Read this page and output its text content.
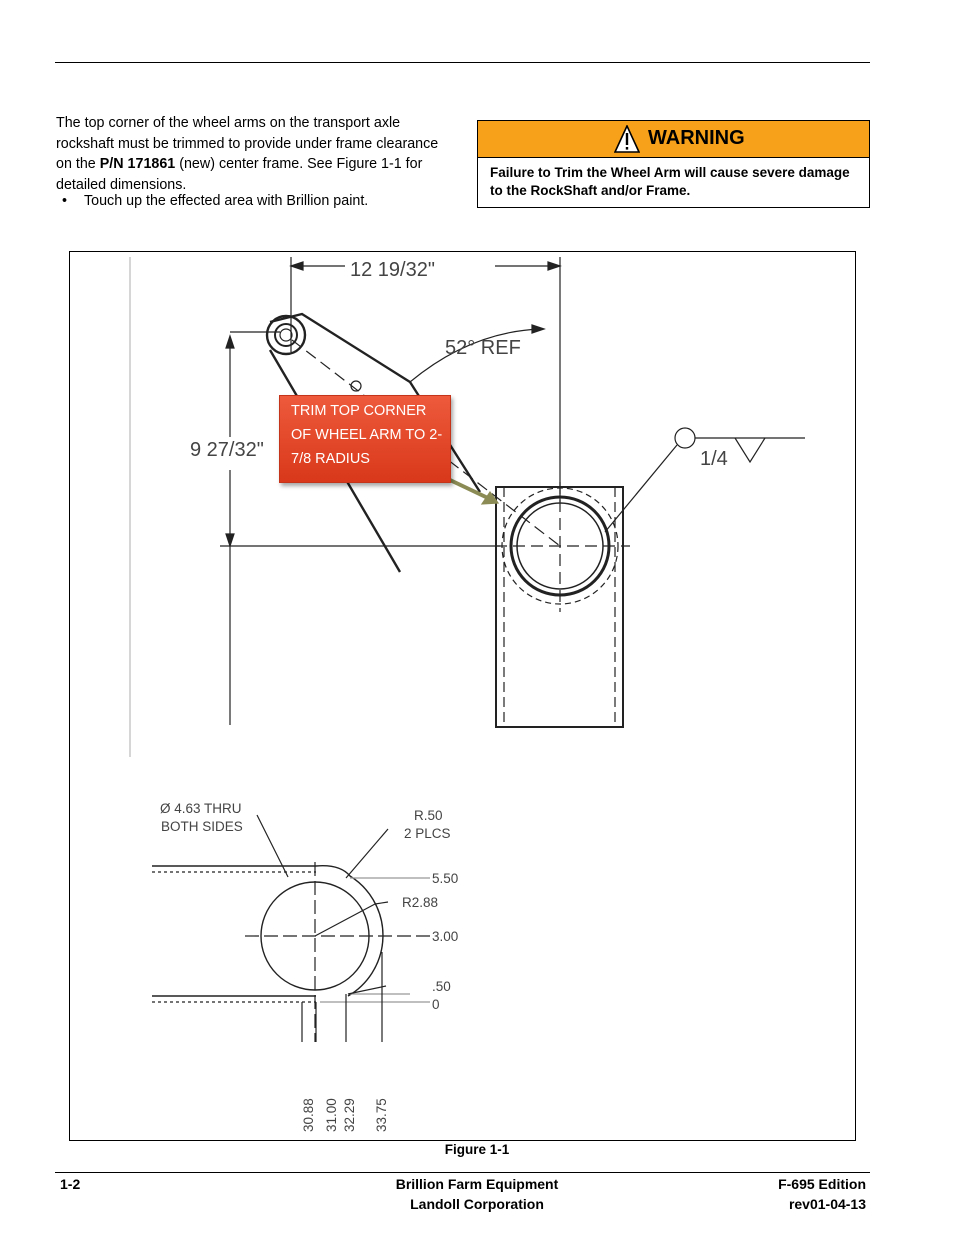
The top corner of the wheel arms on the transport axle rockshaft must be trimmed to provide under frame clearance on the P/N 171861 (new) center frame. See Figure 1-1 for detailed dimensions.
• Touch up the effected area with Brillion paint.
WARNING
Failure to Trim the Wheel Arm will cause severe damage to the RockShaft and/or Frame.
12 19/32"
9 27/32"
52° REF
1/4
Ø 4.63 THRU
BOTH SIDES
R.50
2 PLCS
R2.88
5.50
3.00
.50
0
30.88 31.00 32.29 33.75
TRIM TOP CORNER OF WHEEL ARM TO 2-7/8 RADIUS
Figure 1-1
1-2	Brillion Farm Equipment
Landoll Corporation
F-695 Edition
rev01-04-13
